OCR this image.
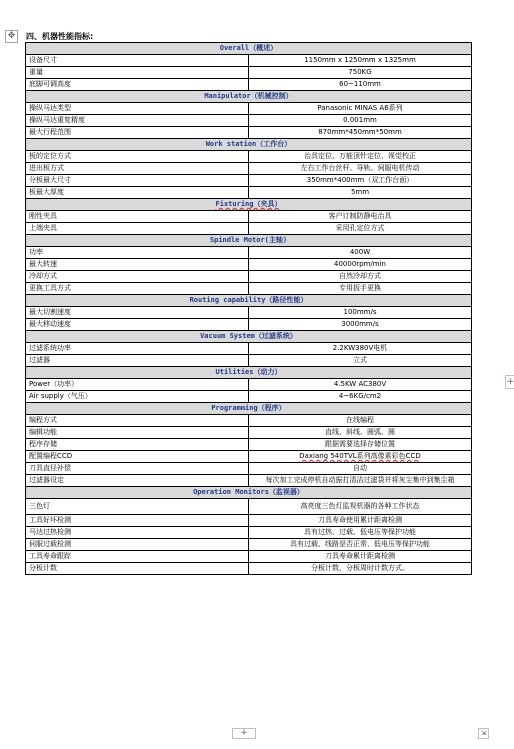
✥	四、机器性能指标:
Overall（概述）	
设备尺寸	1150mm x 1250mm x 1325mm
重量	750KG
底脚可调高度	60~110mm
Manipulator（机械控制）	
操纵马达类型	Panasonic MINAS A6系列
操纵马达重复精度	0.001mm
最大行程范围	870mm*450mm*50mm
Work station（工作台）	
板的定位方式	治具定位、万能顶针定位、视觉校正
进出板方式	左右工作台丝杆、导轨、伺服电机传动
分板最大尺寸	350mm*400mm（双工作台面）
板最大厚度	5mm
Fixturing（夹具）	
刚性夹具	客户订制防静电治具
上端夹具	采用孔定位方式
Spindle Motor(主轴)	
功率	400W
最大转速	40000rpm/min
冷却方式	自然冷却方式
更换工具方式	专用扳手更换
Routing capability（路径性能）	
最大切割速度	100mm/s
最大移动速度	3000mm/s
Vacuum System（过滤系统）	
过滤系统功率	2.2KW380V电机
过滤器	立式
Utilities（动力）	
Power（功率）	4.5KW AC380V
Air supply（气压）	4~6KG/cm2
Programming（程序）	
编程方式	在线编程
编辑功能	直线、斜线、圆弧、圆
程序存储	跟据需要选择存储位置
配置编程CCD	Daxiang 540TVL系列高像素彩色CCD
刀具直径补偿	自动
过滤器设定	每次加工完成停机自动振打清洁过滤袋并将灰尘集中到集尘箱
Operation Monitors（监视器）	
三色灯	高亮度三色灯监视机器的各种工作状态
工具好坏检测	刀具寿命使用累计距离检测
马达过热检测	具有过热、过载、低电压等保护功能
伺服过载检测	具有过载、线路是否正常、低电压等保护功能
工具寿命跟踪	刀具寿命累计距离检测
分板计数	分板计数，分板周时计数方式。
+
+	⇲
